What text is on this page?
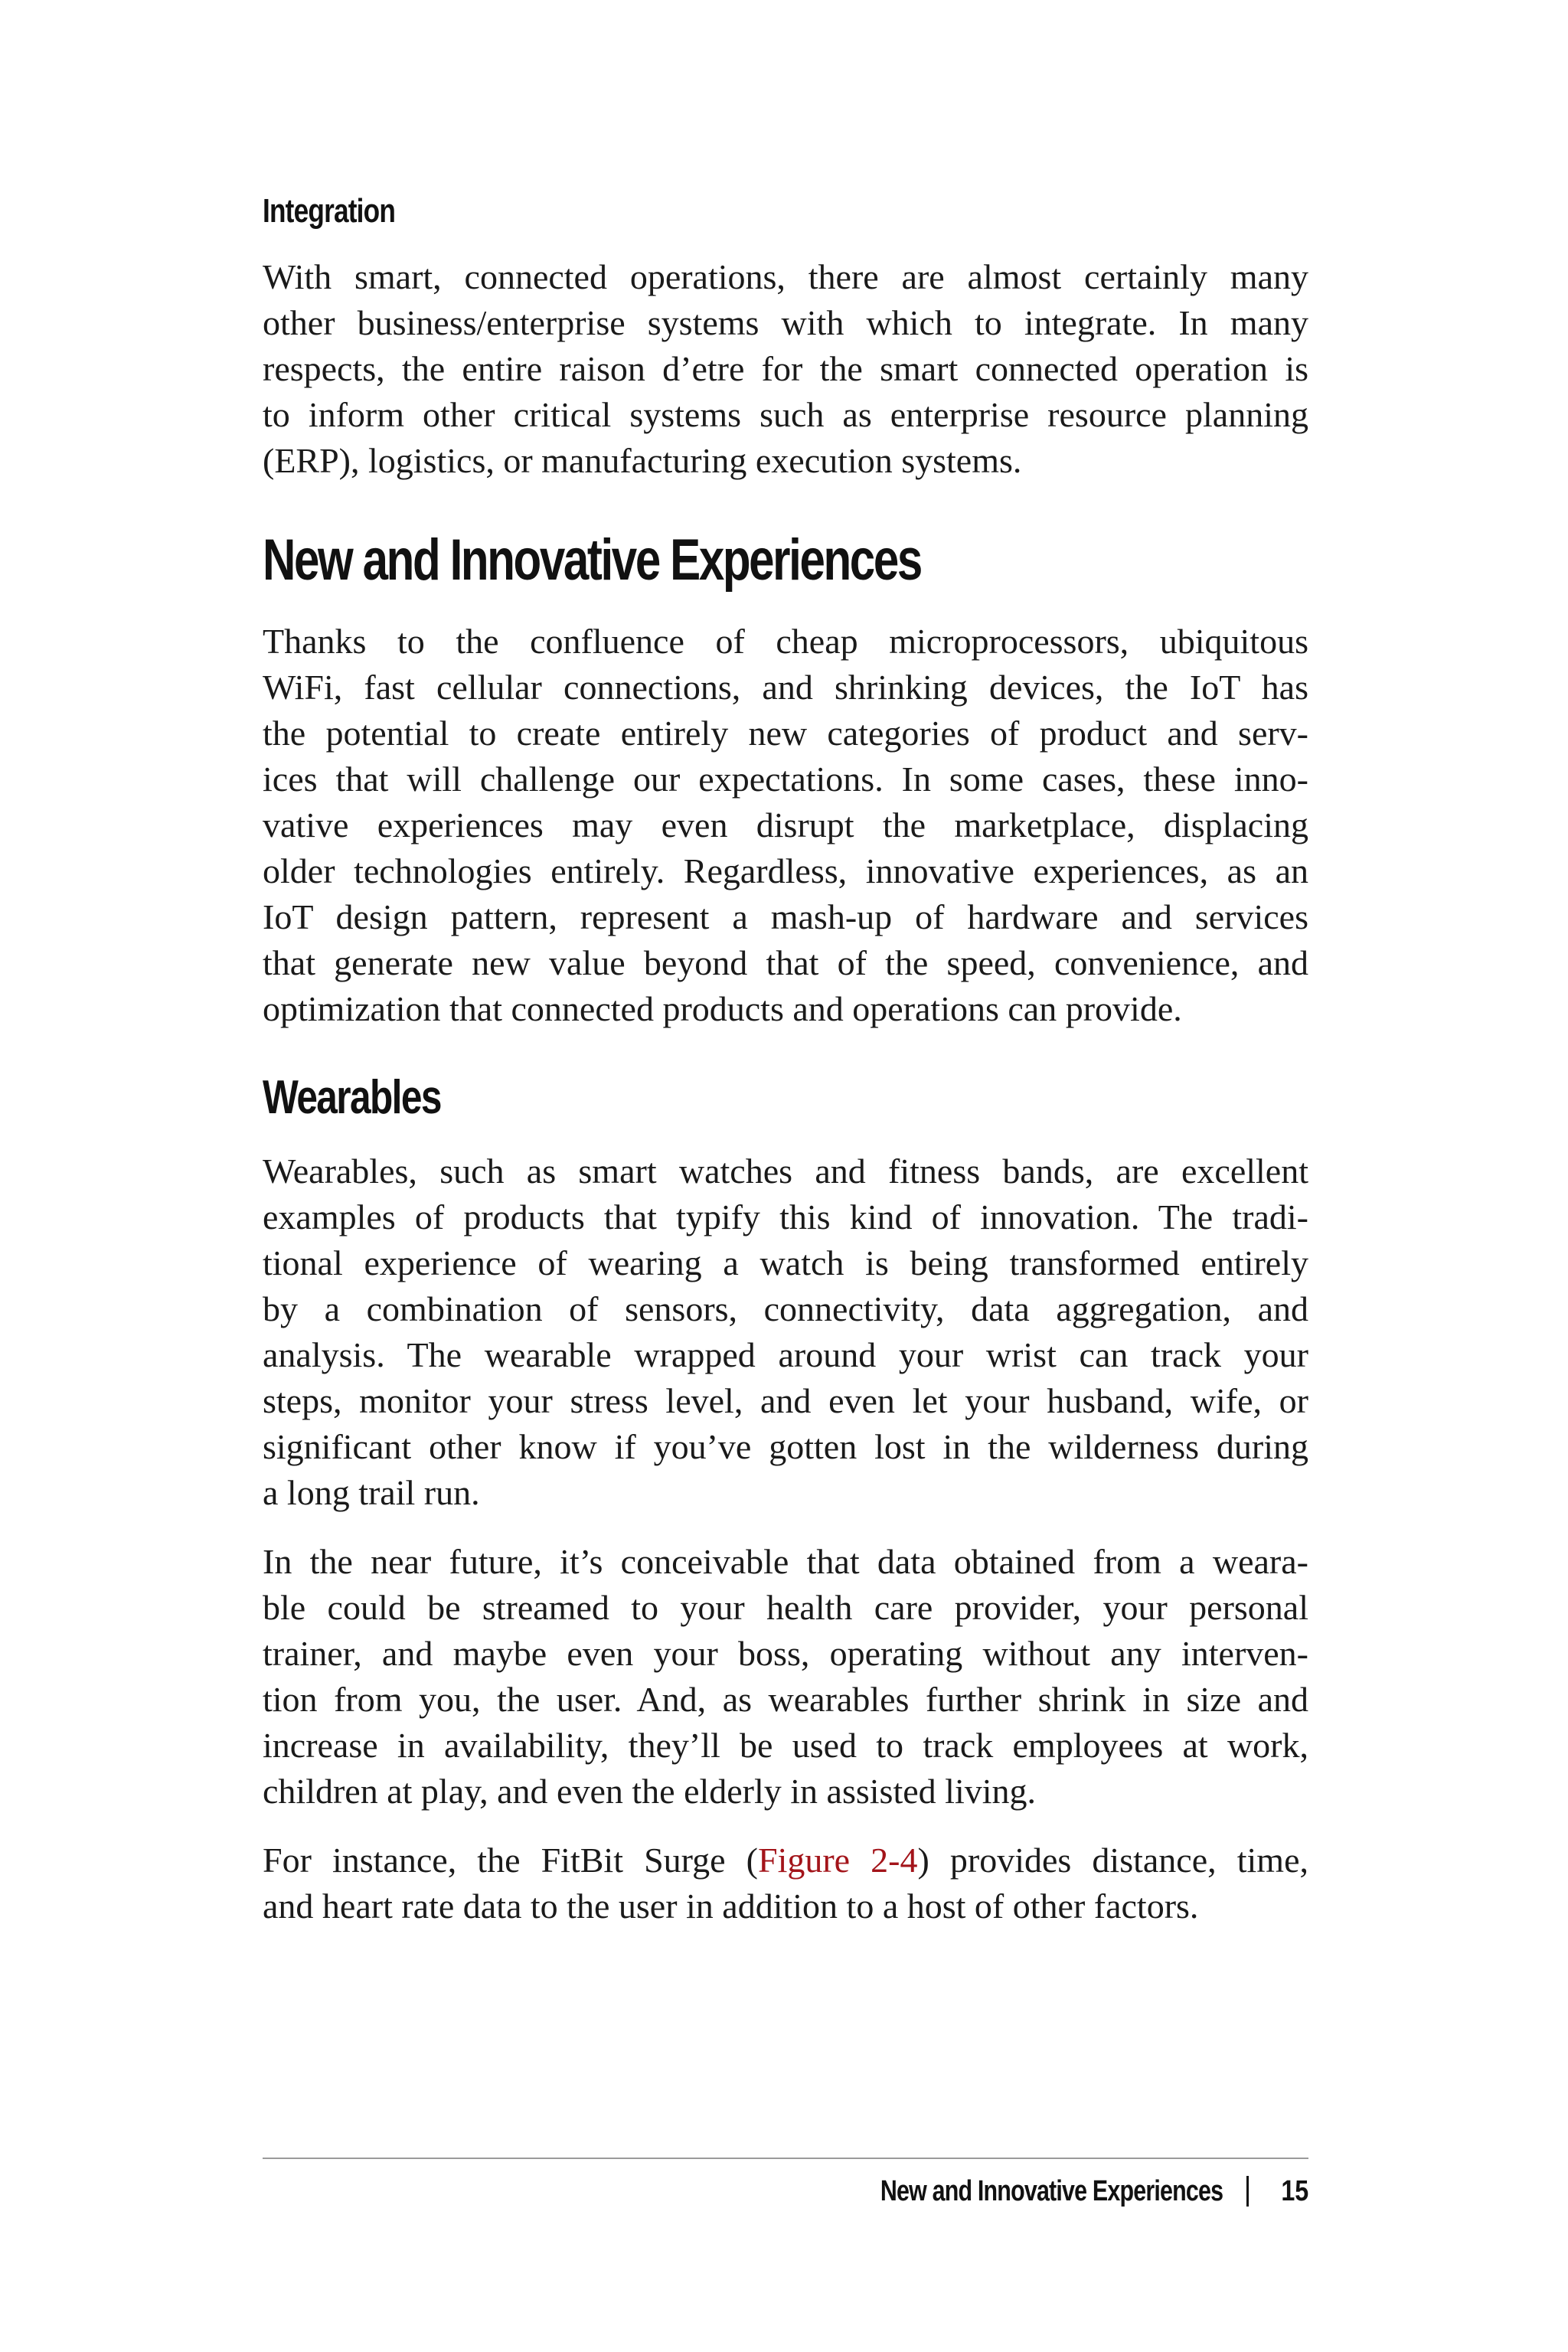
Integration

With smart, connected operations, there are almost certainly many
other business/enterprise systems with which to integrate. In many
respects, the entire raison d’etre for the smart connected operation is
to inform other critical systems such as enterprise resource planning
(ERP), logistics, or manufacturing execution systems.

New and Innovative Experiences

Thanks to the confluence of cheap microprocessors, ubiquitous
WiFi, fast cellular connections, and shrinking devices, the IoT has
the potential to create entirely new categories of product and serv-
ices that will challenge our expectations. In some cases, these inno-
vative experiences may even disrupt the marketplace, displacing
older technologies entirely. Regardless, innovative experiences, as an
IoT design pattern, represent a mash-up of hardware and services
that generate new value beyond that of the speed, convenience, and
optimization that connected products and operations can provide.

Wearables

Wearables, such as smart watches and fitness bands, are excellent
examples of products that typify this kind of innovation. The tradi-
tional experience of wearing a watch is being transformed entirely
by a combination of sensors, connectivity, data aggregation, and
analysis. The wearable wrapped around your wrist can track your
steps, monitor your stress level, and even let your husband, wife, or
significant other know if you’ve gotten lost in the wilderness during
a long trail run.

In the near future, it’s conceivable that data obtained from a weara-
ble could be streamed to your health care provider, your personal
trainer, and maybe even your boss, operating without any interven-
tion from you, the user. And, as wearables further shrink in size and
increase in availability, they’ll be used to track employees at work,
children at play, and even the elderly in assisted living.

For instance, the FitBit Surge (Figure 2-4) provides distance, time,
and heart rate data to the user in addition to a host of other factors.

New and Innovative Experiences 15
